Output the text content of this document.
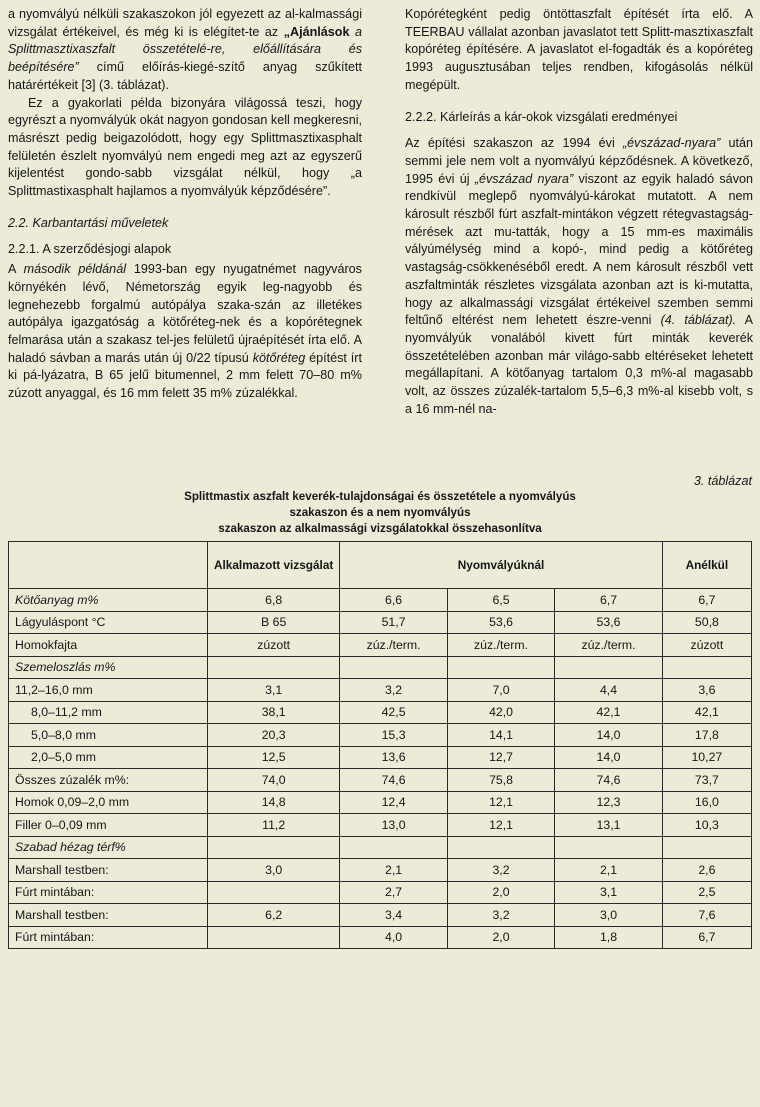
a nyomvályú nélküli szakaszokon jól egyezett az al-kalmassági vizsgálat értékeivel, és még ki is elégítet-te az „Ajánlások a Splittmasztixaszfalt összetételé-re, előállítására és beépítésére” című előírás-kiegé-szítő anyag szűkített határértékeit [3] (3. táblázat).

Ez a gyakorlati példa bizonyára világossá teszi, hogy egyrészt a nyomvályúk okát nagyon gondosan kell megkeresni, másrészt pedig beigazolódott, hogy egy Splittmasztixasphalt felületén észlelt nyomvályú nem engedi meg azt az egyszerű kijelentést gondo-sabb vizsgálat nélkül, hogy „a Splittmastixasphalt hajlamos a nyomvályúk képződésére”.

2.2. Karbantartási műveletek
2.2.1. A szerződésjogi alapok

A második példánál 1993-ban egy nyugatnémet nagyváros környékén lévő, Németország egyik leg-nagyobb és legnehezebb forgalmú autópálya szaka-szán az illetékes autópálya igazgatóság a kötőréteg-nek és a kopórétegnek felmarása után a szakasz tel-jes felületű újraépítését írta elő. A haladó sávban a marás után új 0/22 típusú kötőréteg építést írt ki pá-lyázatra, B 65 jelű bitumennel, 2 mm felett 70–80 m% zúzott anyaggal, és 16 mm felett 35 m% zúzalékkal.

Kopórétegként pedig öntöttaszfalt építését írta elő. A TEERBAU vállalat azonban javaslatot tett Splitt-masztixaszfalt kopóréteg építésére. A javaslatot el-fogadták és a kopóréteg 1993 augusztusában teljes rendben, kifogásolás nélkül megépült.

2.2.2. Kárleírás a kár-okok vizsgálati eredményei

Az építési szakaszon az 1994 évi „évszázad-nyara” után semmi jele nem volt a nyomvályú képződésnek. A következő, 1995 évi új „évszázad nyara” viszont az egyik haladó sávon rendkívül meglepő nyomvályú-károkat mutatott. A nem károsult részből fúrt aszfalt-mintákon végzett rétegvastagság-mérések azt mu-tatták, hogy a 15 mm-es maximális vályúmélység mind a kopó-, mind pedig a kötőréteg vastagság-csökkenéséből eredt. A nem károsult részből vett aszfaltminták részletes vizsgálata azonban azt is ki-mutatta, hogy az alkalmassági vizsgálat értékeivel szemben semmi feltűnő eltérést nem lehetett észre-venni (4. táblázat). A nyomvályúk vonalából kivett fúrt minták keverék összetételében azonban már világo-sabb eltéréseket lehetett megállapítani. A kötőanyag tartalom 0,3 m%-al magasabb volt, az összes zúzalék-tartalom 5,5–6,3 m%-al kisebb volt, s a 16 mm-nél na-

3. táblázat
Splittmastix aszfalt keverék-tulajdonságai és összetétele a nyomvályús
szakaszon és a nem nyomvályús
szakaszon az alkalmassági vizsgálatokkal összehasonlítva
	Alkalmazott vizsgálat	Nyomvályúknál			Anélkül
Kötőanyag m%	6,8	6,6	6,5	6,7	6,7
Lágyuláspont °C	B 65	51,7	53,6	53,6	50,8
Homokfajta	zúzott	zúz./term.	zúz./term.	zúz./term.	zúzott
Szemeloszlás m%					
11,2–16,0 mm	3,1	3,2	7,0	4,4	3,6
8,0–11,2 mm	38,1	42,5	42,0	42,1	42,1
5,0–8,0 mm	20,3	15,3	14,1	14,0	17,8
2,0–5,0 mm	12,5	13,6	12,7	14,0	10,27
Összes zúzalék m%:	74,0	74,6	75,8	74,6	73,7
Homok 0,09–2,0 mm	14,8	12,4	12,1	12,3	16,0
Filler 0–0,09 mm	11,2	13,0	12,1	13,1	10,3
Szabad hézag térf%					
Marshall testben:	3,0	2,1	3,2	2,1	2,6
Fúrt mintában:		2,7	2,0	3,1	2,5
Marshall testben:	6,2	3,4	3,2	3,0	7,6
Fúrt mintában:		4,0	2,0	1,8	6,7
